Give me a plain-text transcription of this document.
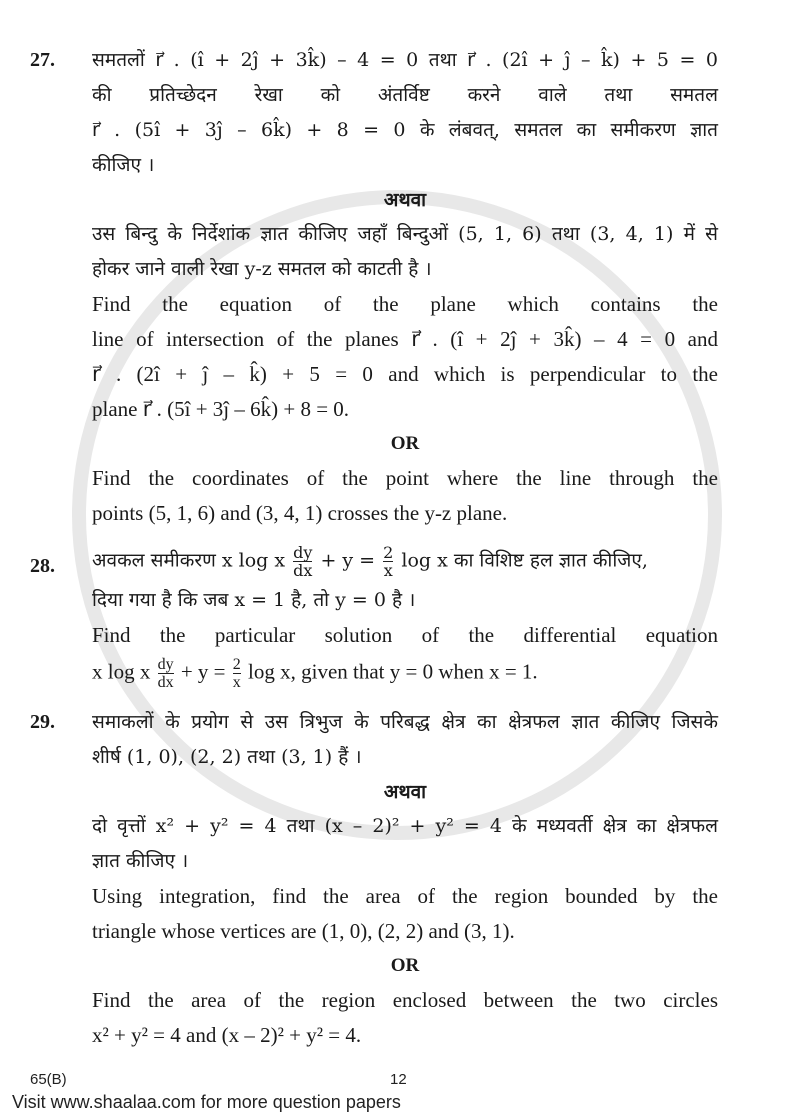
27.	समतलों r⃗ . (î + 2ĵ + 3k̂) – 4 = 0 तथा r⃗ . (2î + ĵ – k̂) + 5 = 0
की प्रतिच्छेदन रेखा को अंतर्विष्ट करने वाले तथा समतल
r⃗ . (5î + 3ĵ – 6k̂) + 8 = 0 के लंबवत्, समतल का समीकरण ज्ञात
कीजिए ।
अथवा
उस बिन्दु के निर्देशांक ज्ञात कीजिए जहाँ बिन्दुओं (5, 1, 6) तथा (3, 4, 1) में से
होकर जाने वाली रेखा y-z समतल को काटती है ।
Find the equation of the plane which contains the
line of intersection of the planes r⃗ . (î + 2ĵ + 3k̂) – 4 = 0 and
r⃗ . (2î + ĵ – k̂) + 5 = 0 and which is perpendicular to the
plane r⃗ . (5î + 3ĵ – 6k̂) + 8 = 0.
OR
Find the coordinates of the point where the line through the
points (5, 1, 6) and (3, 4, 1) crosses the y-z plane.
28.	अवकल समीकरण x log x $\frac{dy}{dx} + y = \frac{2}{x}$ log x का विशिष्ट हल ज्ञात कीजिए,
दिया गया है कि जब x = 1 है, तो y = 0 है ।
Find the particular solution of the differential equation
x log x $\frac{dy}{dx} + y = \frac{2}{x}$ log x, given that y = 0 when x = 1.
29.	समाकलों के प्रयोग से उस त्रिभुज के परिबद्ध क्षेत्र का क्षेत्रफल ज्ञात कीजिए जिसके
शीर्ष (1, 0), (2, 2) तथा (3, 1) हैं ।
अथवा
दो वृत्तों x² + y² = 4 तथा (x – 2)² + y² = 4 के मध्यवर्ती क्षेत्र का क्षेत्रफल
ज्ञात कीजिए ।
Using integration, find the area of the region bounded by the
triangle whose vertices are (1, 0), (2, 2) and (3, 1).
OR
Find the area of the region enclosed between the two circles
x² + y² = 4 and (x – 2)² + y² = 4.
65(B)	12
Visit www.shaalaa.com for more question papers
